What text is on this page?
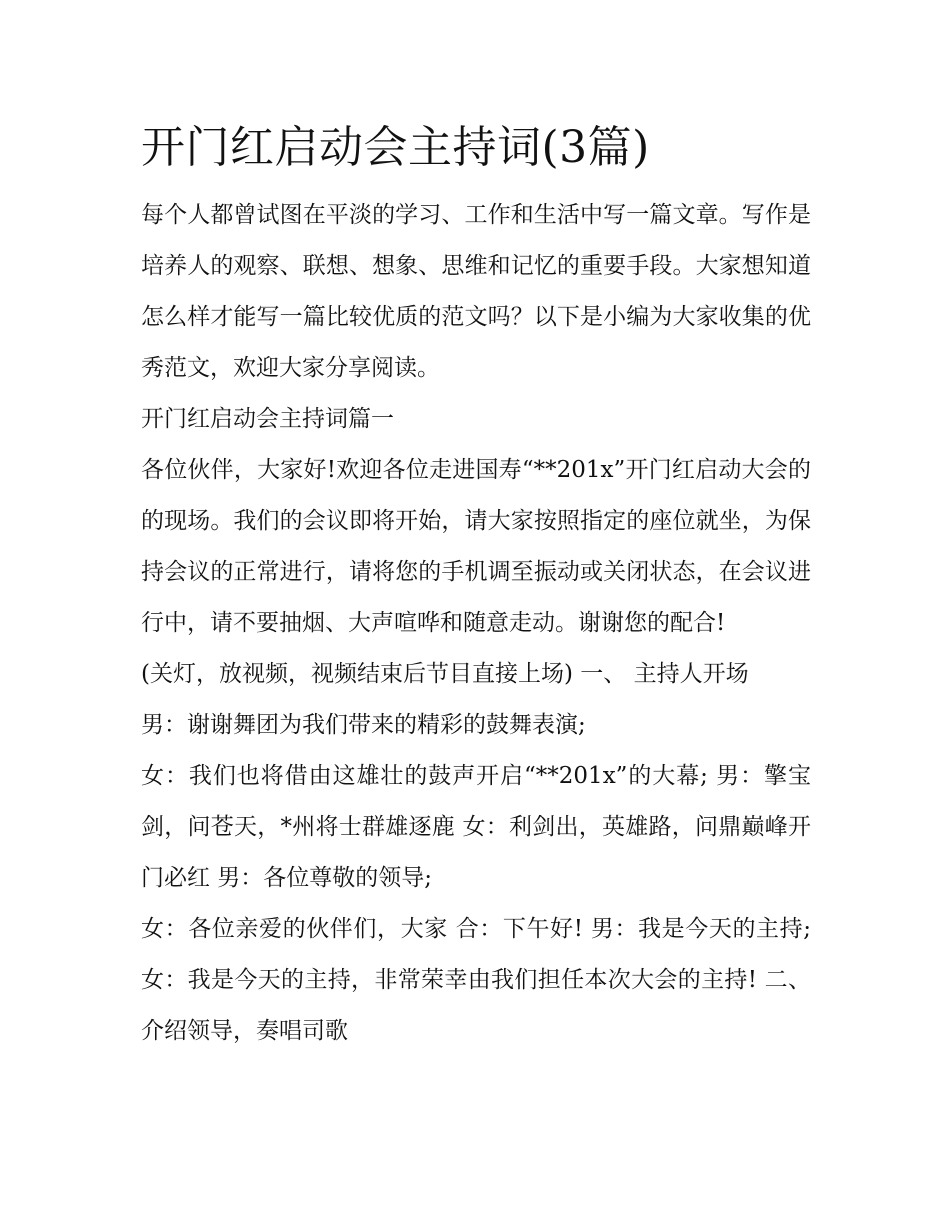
开门红启动会主持词(3篇)

每个人都曾试图在平淡的学习、工作和生活中写一篇文章。写作是培养人的观察、联想、想象、思维和记忆的重要手段。大家想知道怎么样才能写一篇比较优质的范文吗？以下是小编为大家收集的优秀范文，欢迎大家分享阅读。

开门红启动会主持词篇一

各位伙伴，大家好!欢迎各位走进国寿“**201x”开门红启动大会的的现场。我们的会议即将开始，请大家按照指定的座位就坐，为保持会议的正常进行，请将您的手机调至振动或关闭状态，在会议进行中，请不要抽烟、大声喧哗和随意走动。谢谢您的配合!

(关灯，放视频，视频结束后节目直接上场) 一、 主持人开场

男：谢谢舞团为我们带来的精彩的鼓舞表演;

女：我们也将借由这雄壮的鼓声开启“**201x”的大幕; 男：擎宝剑，问苍天，*州将士群雄逐鹿 女：利剑出，英雄路，问鼎巅峰开门必红 男：各位尊敬的领导;

女：各位亲爱的伙伴们，大家 合：下午好! 男：我是今天的主持; 女：我是今天的主持，非常荣幸由我们担任本次大会的主持! 二、介绍领导，奏唱司歌
